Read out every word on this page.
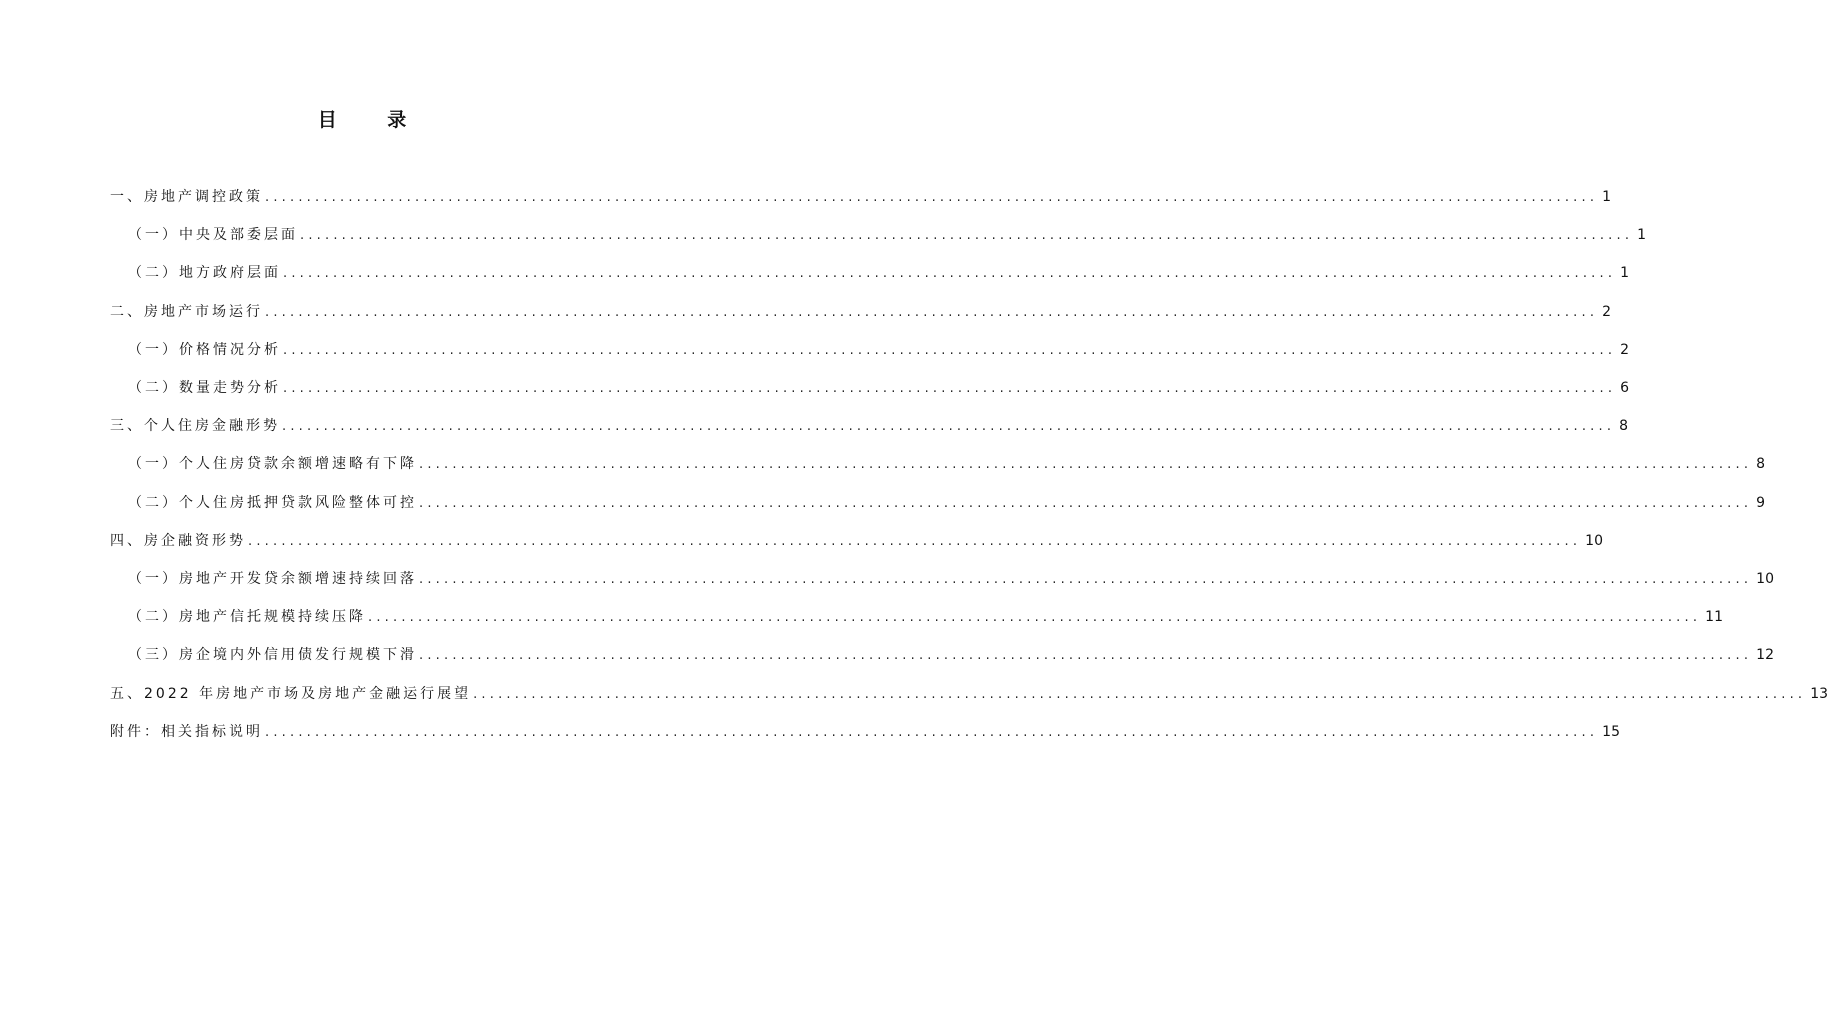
目 录
一、房地产调控政策 ................................................................................................................................................................ 1
（一）中央及部委层面 ................................................................................................................................................................ 1
（二）地方政府层面 ................................................................................................................................................................ 1
二、房地产市场运行 ................................................................................................................................................................ 2
（一）价格情况分析 ................................................................................................................................................................ 2
（二）数量走势分析 ................................................................................................................................................................ 6
三、个人住房金融形势 ................................................................................................................................................................ 8
（一）个人住房贷款余额增速略有下降 ................................................................................................................................................................ 8
（二）个人住房抵押贷款风险整体可控 ................................................................................................................................................................ 9
四、房企融资形势 ................................................................................................................................................................ 10
（一）房地产开发贷余额增速持续回落 ................................................................................................................................................................ 10
（二）房地产信托规模持续压降 ................................................................................................................................................................ 11
（三）房企境内外信用债发行规模下滑 ................................................................................................................................................................ 12
五、2022 年房地产市场及房地产金融运行展望 ................................................................................................................................................................ 13
附件：相关指标说明 ................................................................................................................................................................ 15
